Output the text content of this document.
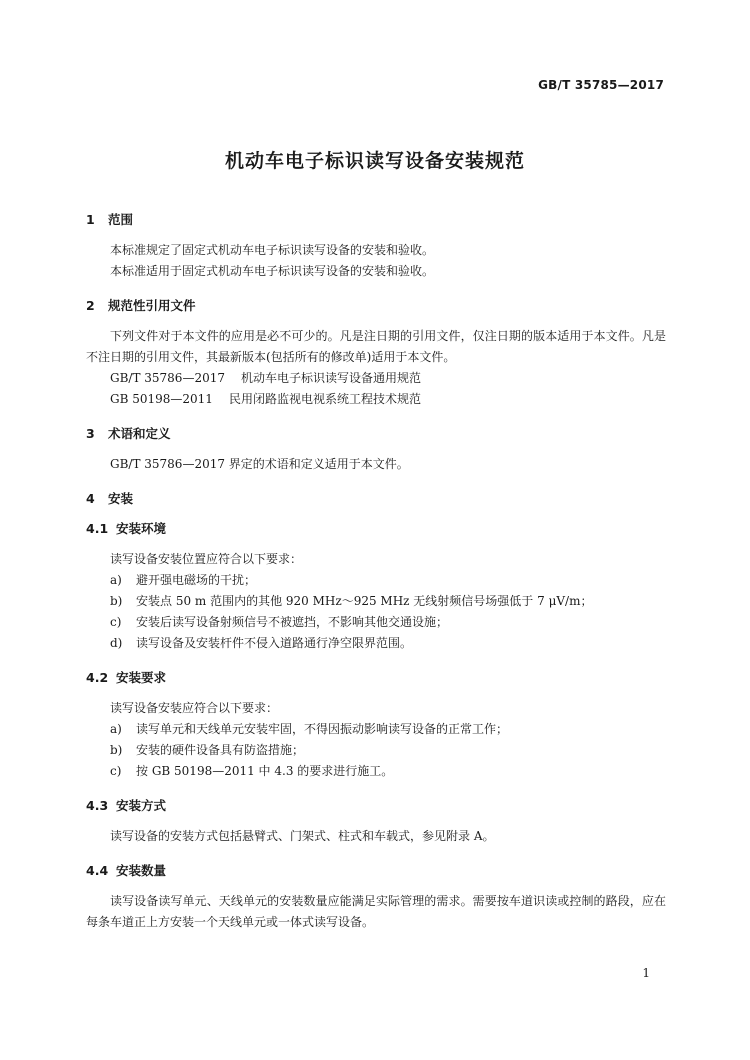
GB/T 35785—2017
机动车电子标识读写设备安装规范
1	范围
本标准规定了固定式机动车电子标识读写设备的安装和验收。
本标准适用于固定式机动车电子标识读写设备的安装和验收。
2	规范性引用文件
下列文件对于本文件的应用是必不可少的。凡是注日期的引用文件，仅注日期的版本适用于本文件。凡是不注日期的引用文件，其最新版本(包括所有的修改单)适用于本文件。
GB/T 35786—2017 机动车电子标识读写设备通用规范
GB 50198—2011 民用闭路监视电视系统工程技术规范
3	术语和定义
GB/T 35786—2017 界定的术语和定义适用于本文件。
4	安装
4.1 安装环境
读写设备安装位置应符合以下要求：
a)	避开强电磁场的干扰；
b)	安装点 50 m 范围内的其他 920 MHz～925 MHz 无线射频信号场强低于 7 μV/m；
c)	安装后读写设备射频信号不被遮挡，不影响其他交通设施；
d)	读写设备及安装杆件不侵入道路通行净空限界范围。
4.2 安装要求
读写设备安装应符合以下要求：
a)	读写单元和天线单元安装牢固，不得因振动影响读写设备的正常工作；
b)	安装的硬件设备具有防盗措施；
c)	按 GB 50198—2011 中 4.3 的要求进行施工。
4.3 安装方式
读写设备的安装方式包括悬臂式、门架式、柱式和车载式，参见附录 A。
4.4 安装数量
读写设备读写单元、天线单元的安装数量应能满足实际管理的需求。需要按车道识读或控制的路段，应在每条车道正上方安装一个天线单元或一体式读写设备。
1
